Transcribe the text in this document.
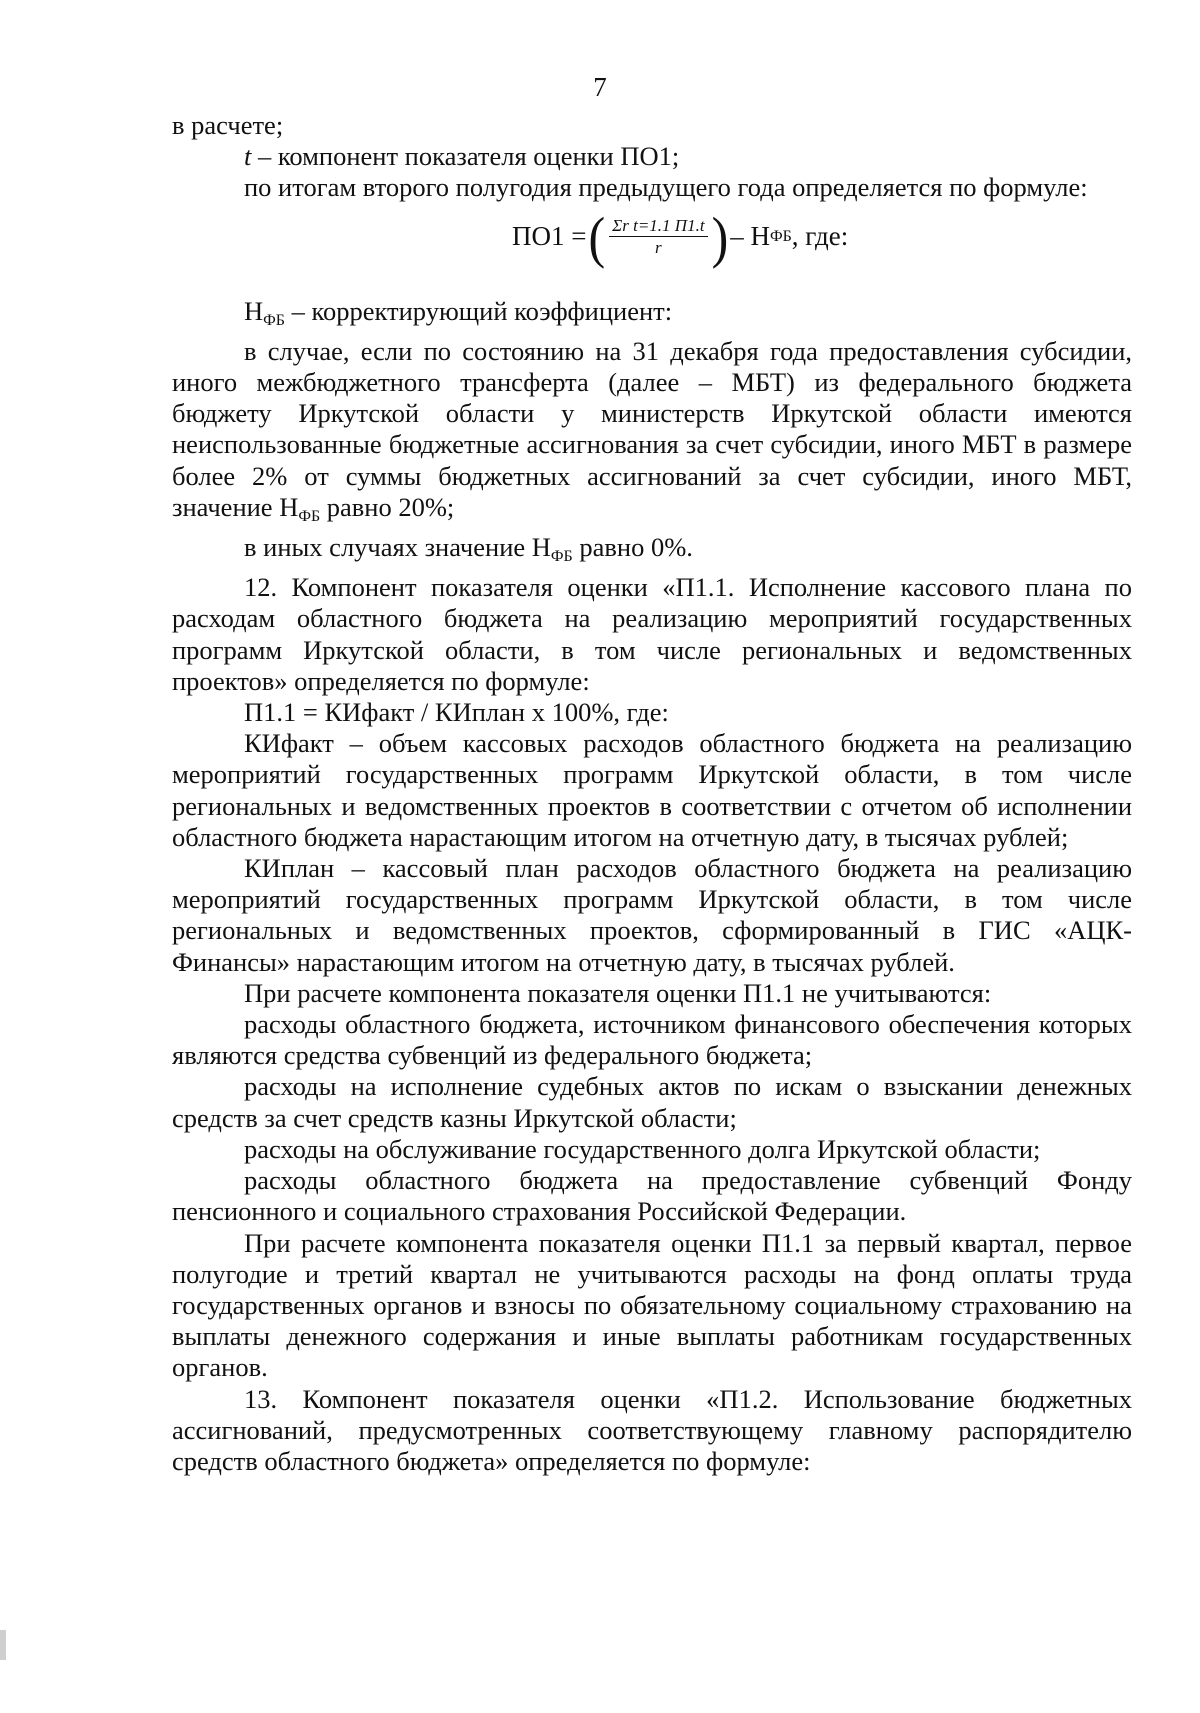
7

в расчете;

t – компонент показателя оценки ПО1;

по итогам второго полугодия предыдущего года определяется по формуле:

ПО1 = ( $\frac{\text{Σr t=1.1 П1.t}}{r}$ ) – Н ФБ , где:

$Н_{ФБ}$ – корректирующий коэффициент:

в случае, если по состоянию на 31 декабря года предоставления субсидии, иного межбюджетного трансферта (далее – МБТ) из федерального бюджета бюджету Иркутской области у министерств Иркутской области имеются неиспользованные бюджетные ассигнования за счет субсидии, иного МБТ в размере более 2% от суммы бюджетных ассигнований за счет субсидии, иного МБТ, значение $Н_{ФБ}$ равно 20%;

в иных случаях значение $Н_{ФБ}$ равно 0%.

12. Компонент показателя оценки «П1.1. Исполнение кассового плана по расходам областного бюджета на реализацию мероприятий государственных программ Иркутской области, в том числе региональных и ведомственных проектов» определяется по формуле:

П1.1 = КИфакт / КИплан х 100%, где:

КИфакт – объем кассовых расходов областного бюджета на реализацию мероприятий государственных программ Иркутской области, в том числе региональных и ведомственных проектов в соответствии с отчетом об исполнении областного бюджета нарастающим итогом на отчетную дату, в тысячах рублей;

КИплан – кассовый план расходов областного бюджета на реализацию мероприятий государственных программ Иркутской области, в том числе региональных и ведомственных проектов, сформированный в ГИС «АЦК-Финансы» нарастающим итогом на отчетную дату, в тысячах рублей.

При расчете компонента показателя оценки П1.1 не учитываются:

расходы областного бюджета, источником финансового обеспечения которых являются средства субвенций из федерального бюджета;

расходы на исполнение судебных актов по искам о взыскании денежных средств за счет средств казны Иркутской области;

расходы на обслуживание государственного долга Иркутской области;

расходы областного бюджета на предоставление субвенций Фонду пенсионного и социального страхования Российской Федерации.

При расчете компонента показателя оценки П1.1 за первый квартал, первое полугодие и третий квартал не учитываются расходы на фонд оплаты труда государственных органов и взносы по обязательному социальному страхованию на выплаты денежного содержания и иные выплаты работникам государственных органов.

13. Компонент показателя оценки «П1.2. Использование бюджетных ассигнований, предусмотренных соответствующему главному распорядителю средств областного бюджета» определяется по формуле:
